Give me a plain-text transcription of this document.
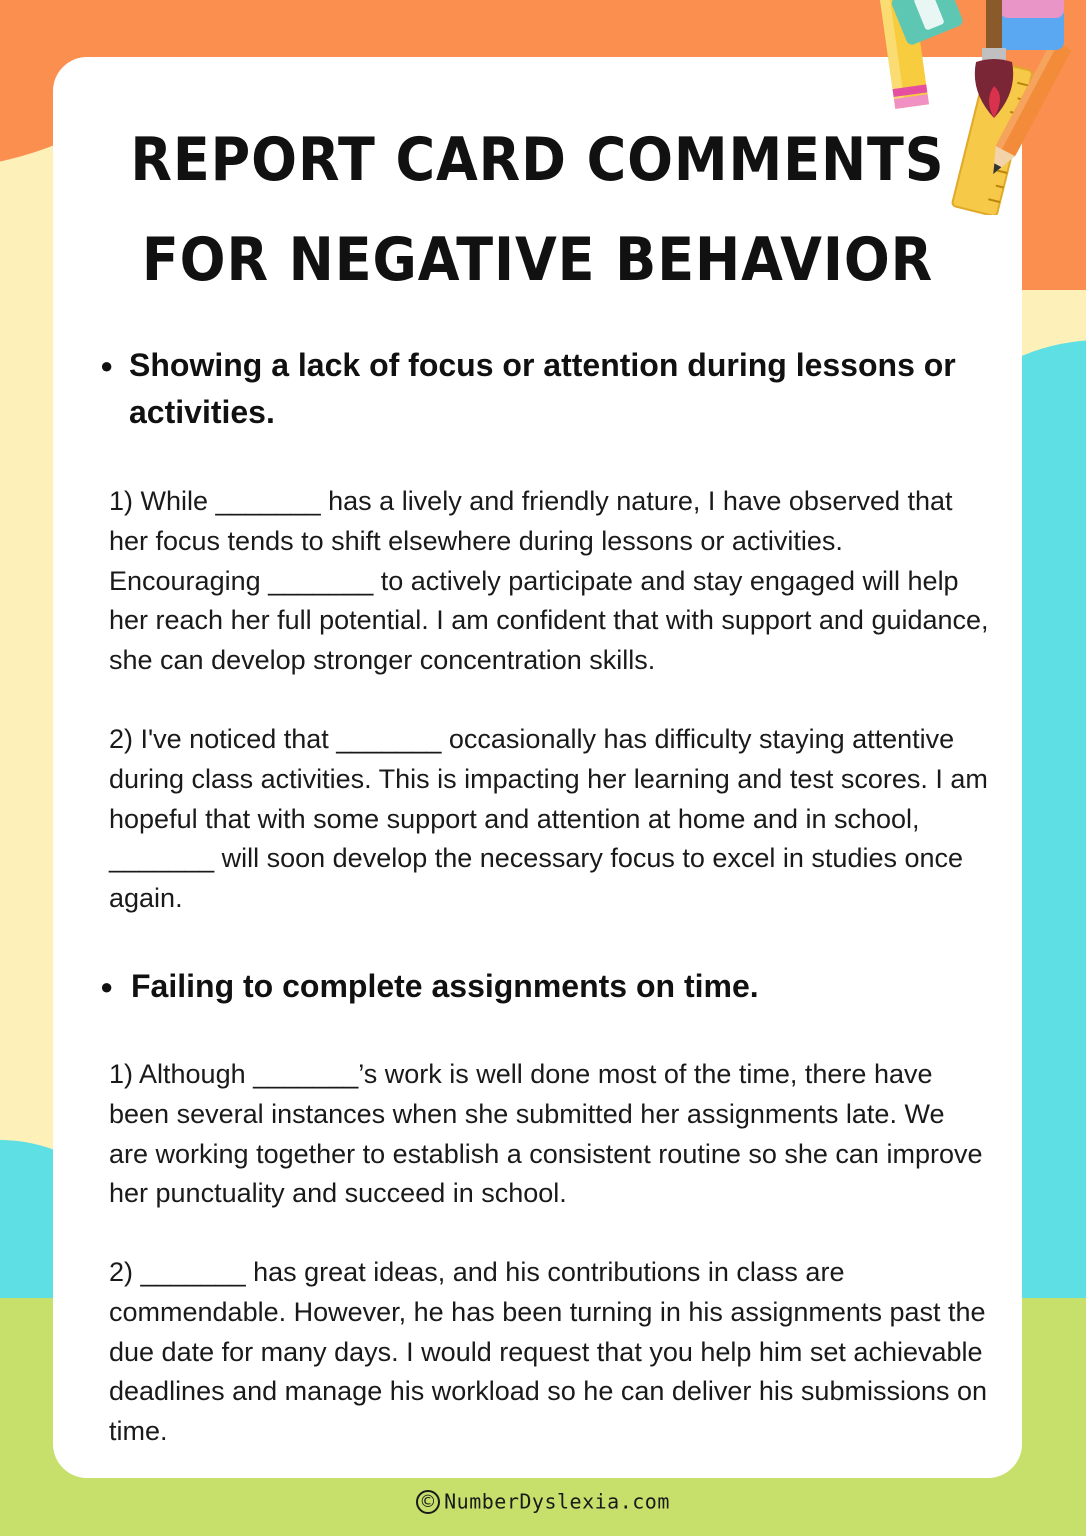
REPORT CARD COMMENTS
FOR NEGATIVE BEHAVIOR
● Showing a lack of focus or attention during lessons or activities.

1) While _______ has a lively and friendly nature, I have observed that her focus tends to shift elsewhere during lessons or activities. Encouraging _______ to actively participate and stay engaged will help her reach her full potential. I am confident that with support and guidance, she can develop stronger concentration skills.

2) I've noticed that _______ occasionally has difficulty staying attentive during class activities. This is impacting her learning and test scores. I am hopeful that with some support and attention at home and in school, _______ will soon develop the necessary focus to excel in studies once again.

● Failing to complete assignments on time.

1) Although _______’s work is well done most of the time, there have been several instances when she submitted her assignments late. We are working together to establish a consistent routine so she can improve her punctuality and succeed in school.

2) _______ has great ideas, and his contributions in class are commendable. However, he has been turning in his assignments past the due date for many days. I would request that you help him set achievable deadlines and manage his workload so he can deliver his submissions on time.

© NumberDyslexia.com
